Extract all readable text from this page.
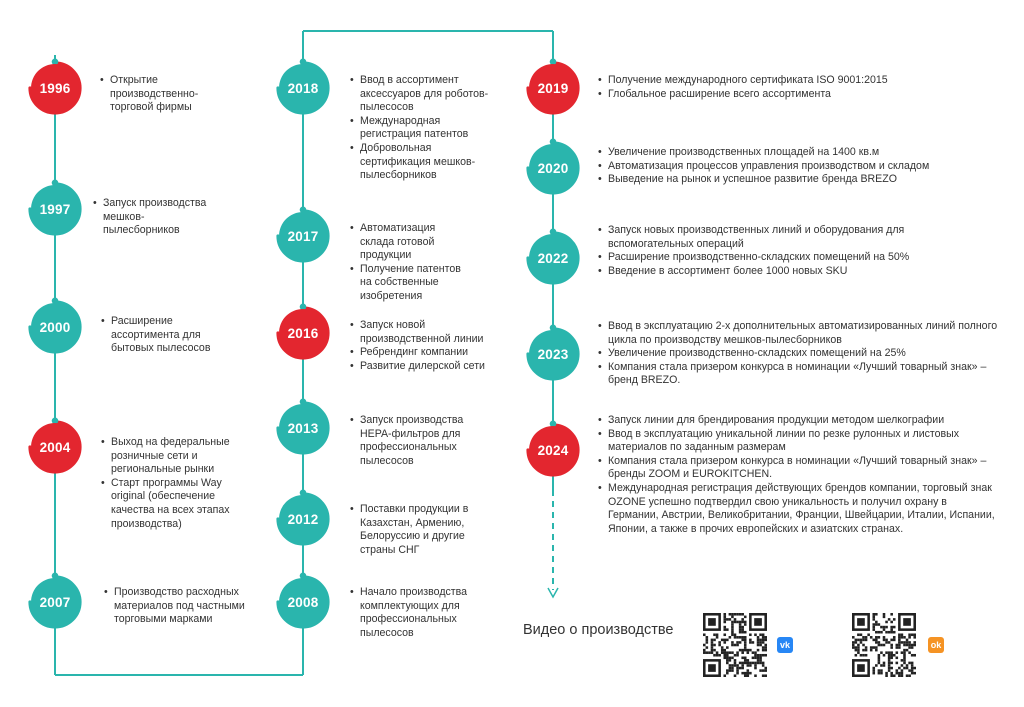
1996
• Открытие производственно-торговой фирмы
1997	• Запуск производства мешков-пылесборников
2000	• Расширение ассортимента для бытовых пылесосов
2004	• Выход на федеральные розничные сети и региональные рынки
• Старт программы Way original (обеспечение качества на всех этапах производства)
2007
• Производство расходных материалов под частными торговыми марками
2008
• Начало производства комплектующих для профессиональных пылесосов
2012
• Поставки продукции в Казахстан, Армению, Белоруссию и другие страны СНГ
2013
• Запуск производства HEPA-фильтров для профессиональных пылесосов
2016
• Запуск новой производственной линии
• Ребрендинг компании
• Развитие дилерской сети
2017
• Автоматизация склада готовой продукции
• Получение патентов на собственные изобретения
2018
• Ввод в ассортимент аксессуаров для роботов-пылесосов
• Международная регистрация патентов
• Добровольная сертификация мешков-пылесборников
2019
• Получение международного сертификата ISO 9001:2015
• Глобальное расширение всего ассортимента
2020
• Увеличение производственных площадей на 1400 кв.м
• Автоматизация процессов управления производством и складом
• Выведение на рынок и успешное развитие бренда BREZO
2022
• Запуск новых производственных линий и оборудования для вспомогательных операций
• Расширение производственно-складских помещений на 50%
• Введение в ассортимент более 1000 новых SKU
2023
• Ввод в эксплуатацию 2-х дополнительных автоматизированных линий полного цикла по производству мешков-пылесборников
• Увеличение производственно-складских помещений на 25%
• Компания стала призером конкурса в номинации «Лучший товарный знак» – бренд BREZO.
2024
• Запуск линии для брендирования продукции методом шелкографии
• Ввод в эксплуатацию уникальной линии по резке рулонных и листовых материалов по заданным размерам
• Компания стала призером конкурса в номинации «Лучший товарный знак» – бренды ZOOM и EUROKITCHEN.
• Международная регистрация действующих брендов компании, торговый знак OZONE успешно подтвердил свою уникальность и получил охрану в Германии, Австрии, Великобритании, Франции, Швейцарии, Италии, Испании, Японии, а также в прочих европейских и азиатских странах.
Видео о производстве
vk	ok
